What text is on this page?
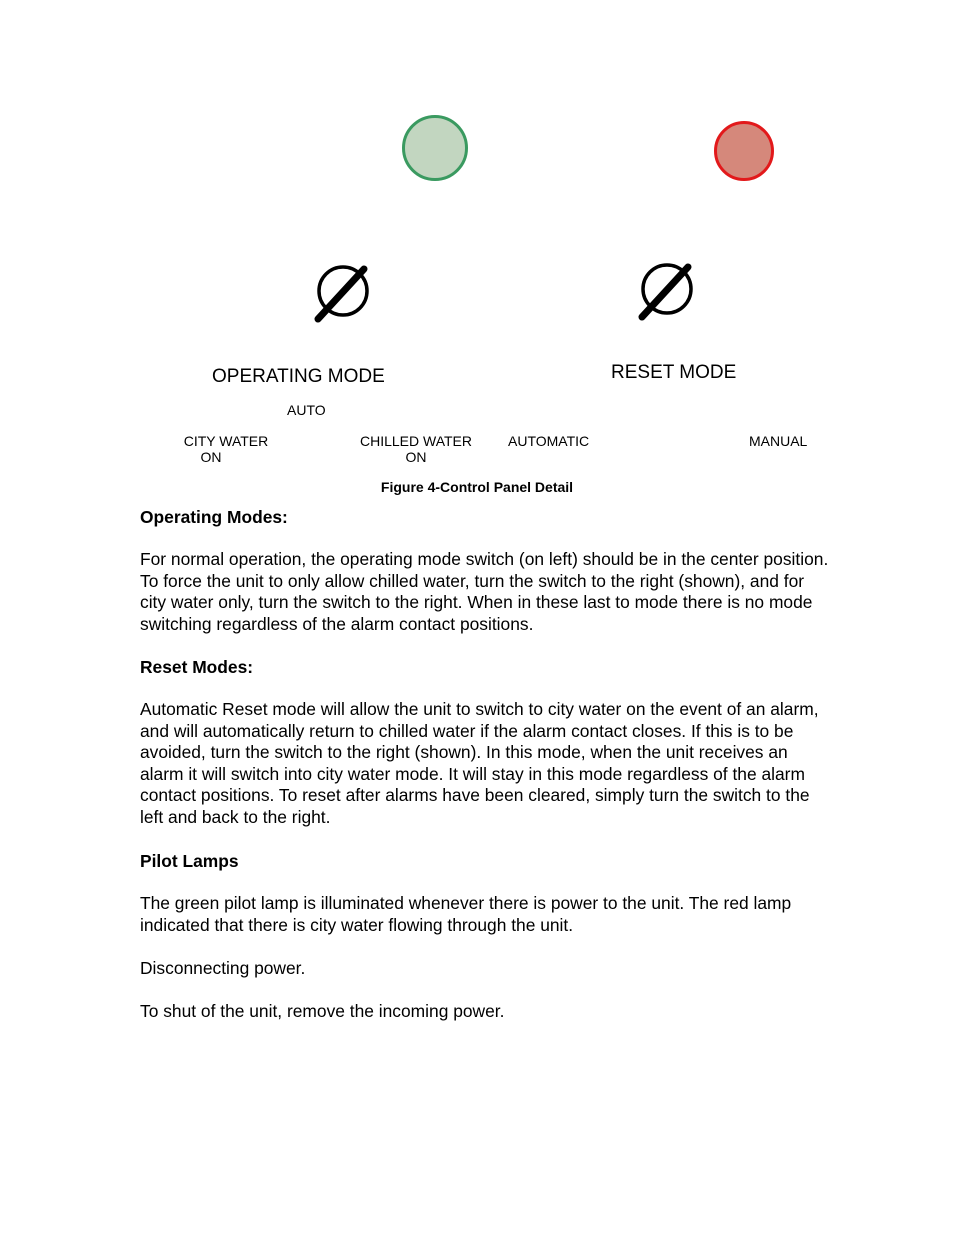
OPERATING MODE	RESET MODE
AUTO
CITY WATER
ON
CHILLED WATER
ON
AUTOMATIC	MANUAL
Figure 4-Control Panel Detail

Operating Modes:

For normal operation, the operating mode switch (on left) should be in the center position. To force the unit to only allow chilled water, turn the switch to the right (shown), and for city water only, turn the switch to the right. When in these last to mode there is no mode switching regardless of the alarm contact positions.

Reset Modes:

Automatic Reset mode will allow the unit to switch to city water on the event of an alarm, and will automatically return to chilled water if the alarm contact closes. If this is to be avoided, turn the switch to the right (shown). In this mode, when the unit receives an alarm it will switch into city water mode. It will stay in this mode regardless of the alarm contact positions. To reset after alarms have been cleared, simply turn the switch to the left and back to the right.

Pilot Lamps

The green pilot lamp is illuminated whenever there is power to the unit. The red lamp indicated that there is city water flowing through the unit.

Disconnecting power.

To shut of the unit, remove the incoming power.
